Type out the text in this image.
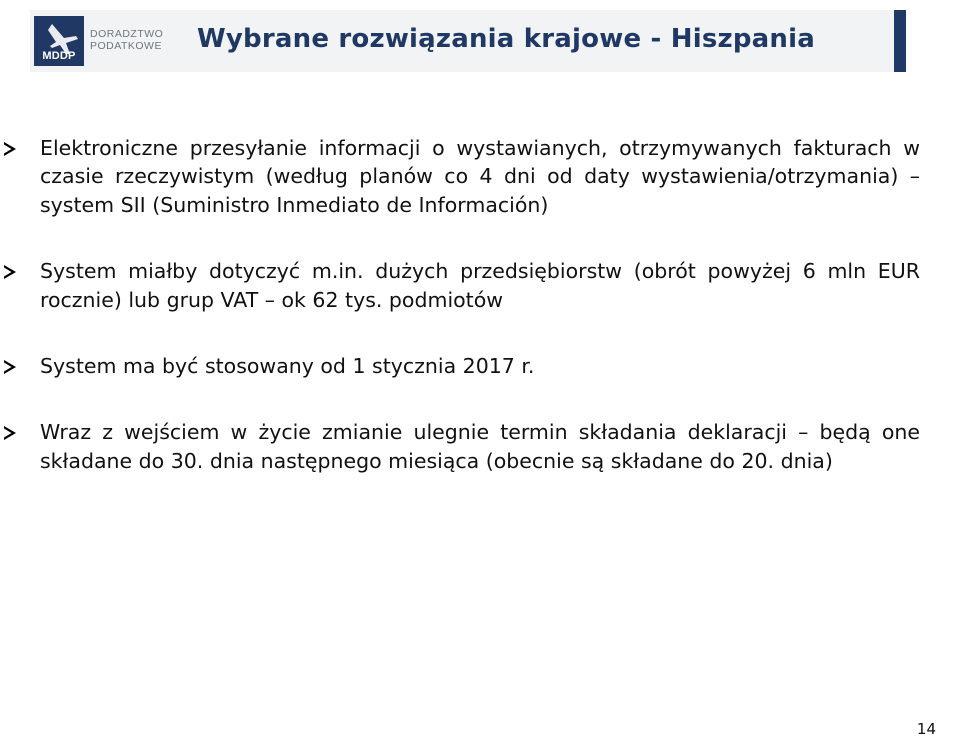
MDDP
DORADZTWO
PODATKOWE Wybrane rozwiązania krajowe - Hiszpania
Elektroniczne przesyłanie informacji o wystawianych, otrzymywanych fakturach w czasie rzeczywistym (według planów co 4 dni od daty wystawienia/otrzymania) – system SII (Suministro Inmediato de Información)
System miałby dotyczyć m.in. dużych przedsiębiorstw (obrót powyżej 6 mln EUR rocznie) lub grup VAT – ok 62 tys. podmiotów
System ma być stosowany od 1 stycznia 2017 r.
Wraz z wejściem w życie zmianie ulegnie termin składania deklaracji – będą one składane do 30. dnia następnego miesiąca (obecnie są składane do 20. dnia)
14
